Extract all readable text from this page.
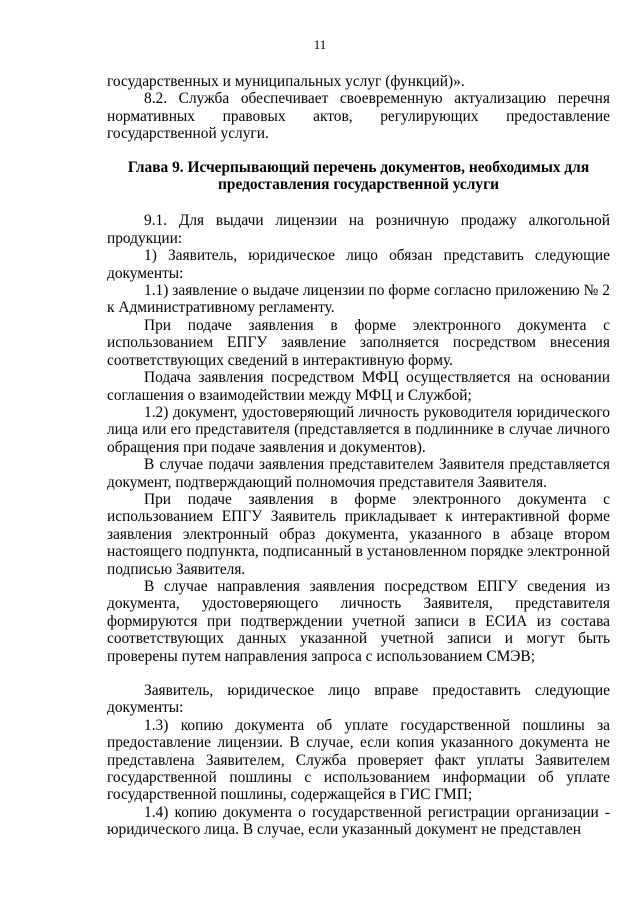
11

государственных и муниципальных услуг (функций)».

8.2. Служба обеспечивает своевременную актуализацию перечня нормативных правовых актов, регулирующих предоставление государственной услуги.

Глава 9. Исчерпывающий перечень документов, необходимых для предоставления государственной услуги

9.1. Для выдачи лицензии на розничную продажу алкогольной продукции:

1) Заявитель, юридическое лицо обязан представить следующие документы:

1.1) заявление о выдаче лицензии по форме согласно приложению № 2 к Административному регламенту.

При подаче заявления в форме электронного документа с использованием ЕПГУ заявление заполняется посредством внесения соответствующих сведений в интерактивную форму.

Подача заявления посредством МФЦ осуществляется на основании соглашения о взаимодействии между МФЦ и Службой;

1.2) документ, удостоверяющий личность руководителя юридического лица или его представителя (представляется в подлиннике в случае личного обращения при подаче заявления и документов).

В случае подачи заявления представителем Заявителя представляется документ, подтверждающий полномочия представителя Заявителя.

При подаче заявления в форме электронного документа с использованием ЕПГУ Заявитель прикладывает к интерактивной форме заявления электронный образ документа, указанного в абзаце втором настоящего подпункта, подписанный в установленном порядке электронной подписью Заявителя.

В случае направления заявления посредством ЕПГУ сведения из документа, удостоверяющего личность Заявителя, представителя формируются при подтверждении учетной записи в ЕСИА из состава соответствующих данных указанной учетной записи и могут быть проверены путем направления запроса с использованием СМЭВ;

Заявитель, юридическое лицо вправе предоставить следующие документы:

1.3) копию документа об уплате государственной пошлины за предоставление лицензии. В случае, если копия указанного документа не представлена Заявителем, Служба проверяет факт уплаты Заявителем государственной пошлины с использованием информации об уплате государственной пошлины, содержащейся в ГИС ГМП;

1.4) копию документа о государственной регистрации организации - юридического лица. В случае, если указанный документ не представлен
